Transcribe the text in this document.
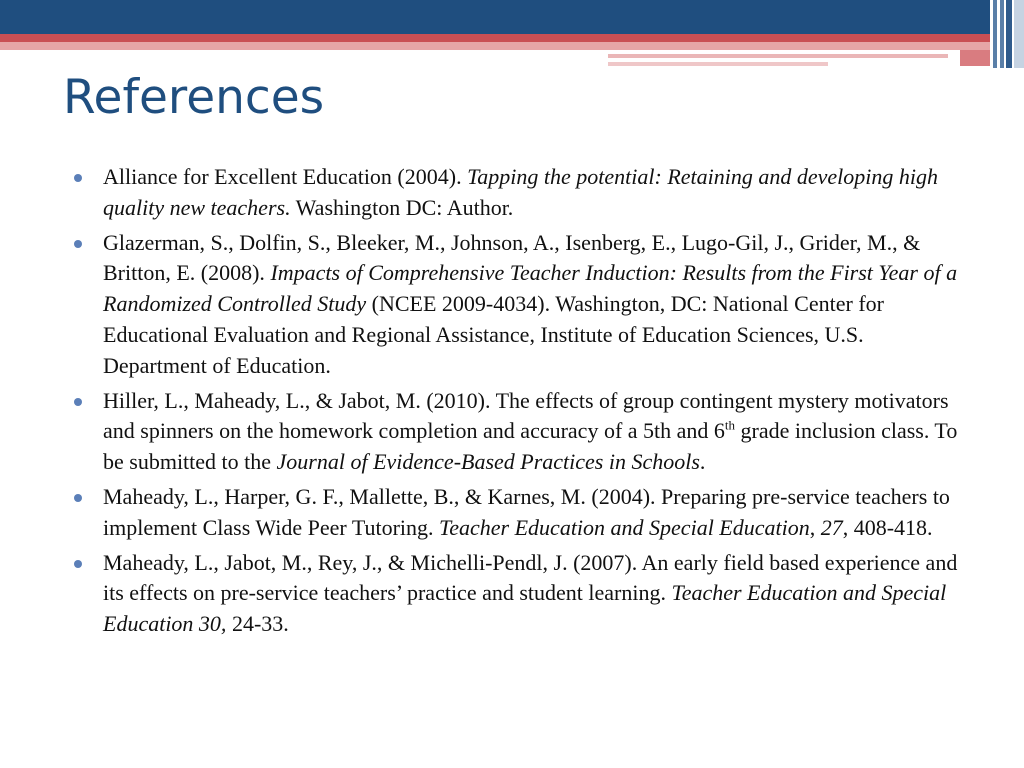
References
Alliance for Excellent Education (2004). Tapping the potential: Retaining and developing high quality new teachers. Washington DC: Author.
Glazerman, S., Dolfin, S., Bleeker, M., Johnson, A., Isenberg, E., Lugo-Gil, J., Grider, M., & Britton, E. (2008). Impacts of Comprehensive Teacher Induction: Results from the First Year of a Randomized Controlled Study (NCEE 2009-4034). Washington, DC: National Center for Educational Evaluation and Regional Assistance, Institute of Education Sciences, U.S. Department of Education.
Hiller, L., Maheady, L., & Jabot, M. (2010). The effects of group contingent mystery motivators and spinners on the homework completion and accuracy of a 5th and 6th grade inclusion class. To be submitted to the Journal of Evidence-Based Practices in Schools.
Maheady, L., Harper, G. F., Mallette, B., & Karnes, M. (2004). Preparing pre-service teachers to implement Class Wide Peer Tutoring. Teacher Education and Special Education, 27, 408-418.
Maheady, L., Jabot, M., Rey, J., & Michelli-Pendl, J. (2007). An early field based experience and its effects on pre-service teachers’ practice and student learning. Teacher Education and Special Education 30, 24-33.
